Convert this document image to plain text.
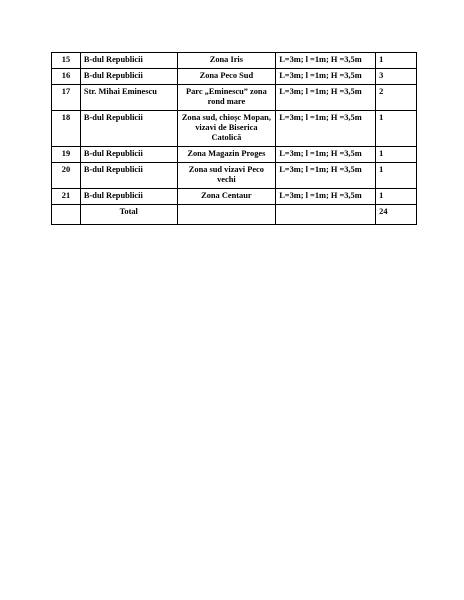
15	B-dul Republicii	Zona Iris	L=3m; l =1m; H =3,5m	1
16	B-dul Republicii	Zona Peco Sud	L=3m; l =1m; H =3,5m	3
17	Str. Mihai Eminescu	Parc „Eminescu” zona rond mare	L=3m; l =1m; H =3,5m	2
18	B-dul Republicii	Zona sud, chioșc Mopan, vizavi de Biserica Catolică	L=3m; l =1m; H =3,5m	1
19	B-dul Republicii	Zona Magazin Proges	L=3m; l =1m; H =3,5m	1
20	B-dul Republicii	Zona sud vizavi Peco vechi	L=3m; l =1m; H =3,5m	1
21	B-dul Republicii	Zona Centaur	L=3m; l =1m; H =3,5m	1
	Total			24
